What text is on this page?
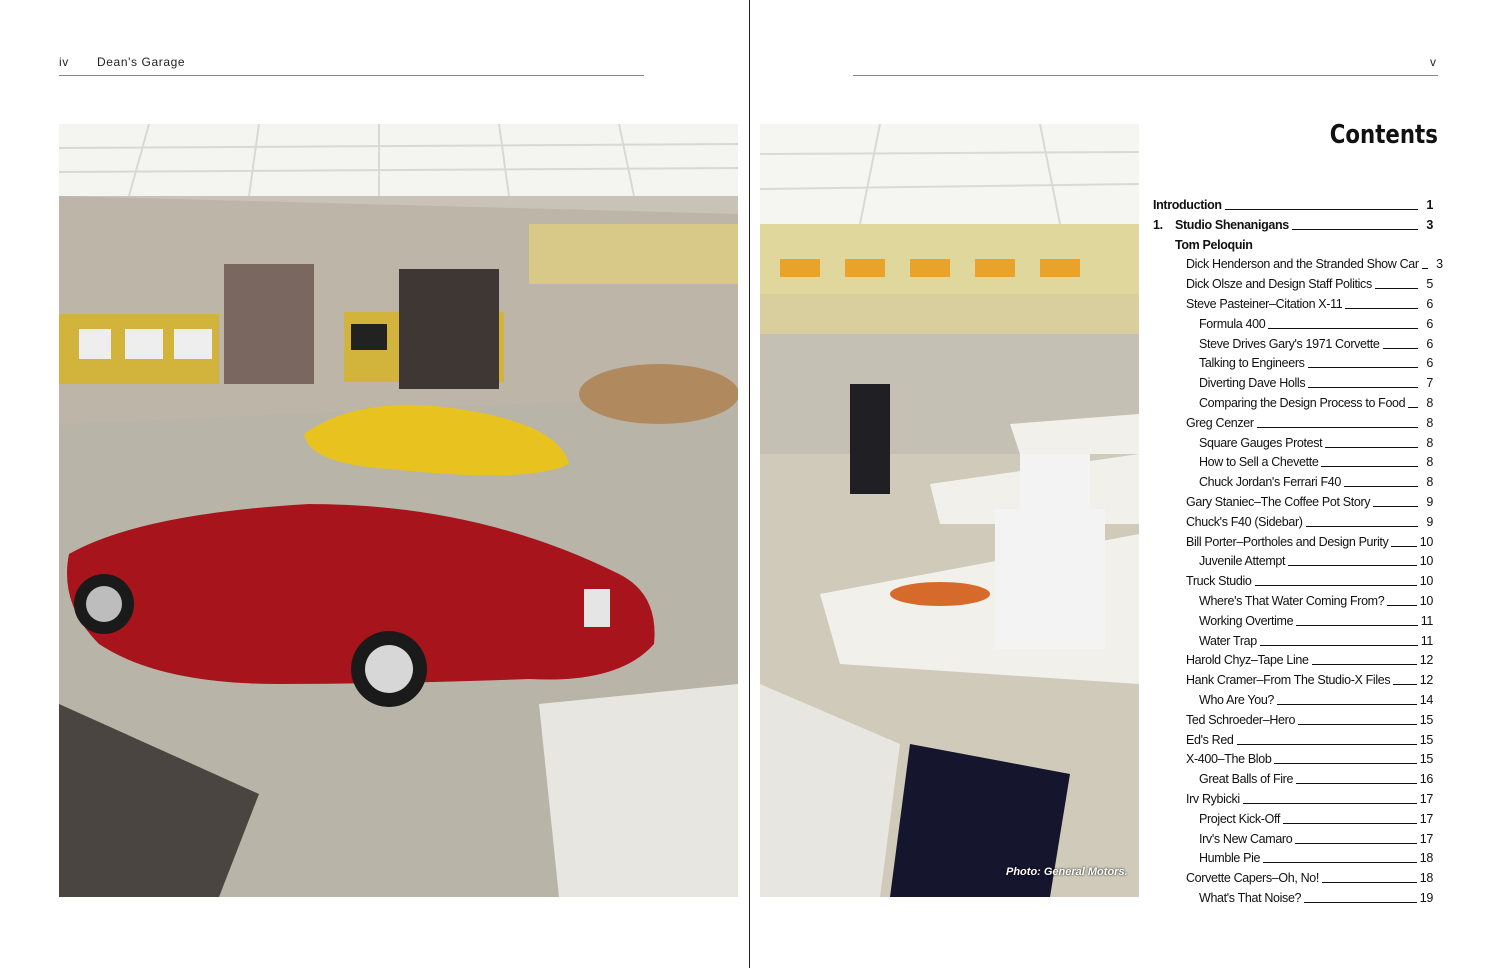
iv Dean's Garage	v
Photo: General Motors.
Contents
Introduction	1
1. Studio Shenanigans	3
Tom Peloquin
Dick Henderson and the Stranded Show Car	3
Dick Olsze and Design Staff Politics	5
Steve Pasteiner–Citation X-11	6
Formula 400	6
Steve Drives Gary's 1971 Corvette	6
Talking to Engineers	6
Diverting Dave Holls	7
Comparing the Design Process to Food	8
Greg Cenzer	8
Square Gauges Protest	8
How to Sell a Chevette	8
Chuck Jordan's Ferrari F40	8
Gary Staniec–The Coffee Pot Story	9
Chuck's F40 (Sidebar)	9
Bill Porter–Portholes and Design Purity	10
Juvenile Attempt	10
Truck Studio	10
Where's That Water Coming From?	10
Working Overtime	11
Water Trap	11
Harold Chyz–Tape Line	12
Hank Cramer–From The Studio-X Files 12
Who Are You?	14
Ted Schroeder–Hero	15
Ed's Red	15
X-400–The Blob	15
Great Balls of Fire	16
Irv Rybicki	17
Project Kick-Off	17
Irv's New Camaro	17
Humble Pie	18
Corvette Capers–Oh, No!	18
What's That Noise?	19
